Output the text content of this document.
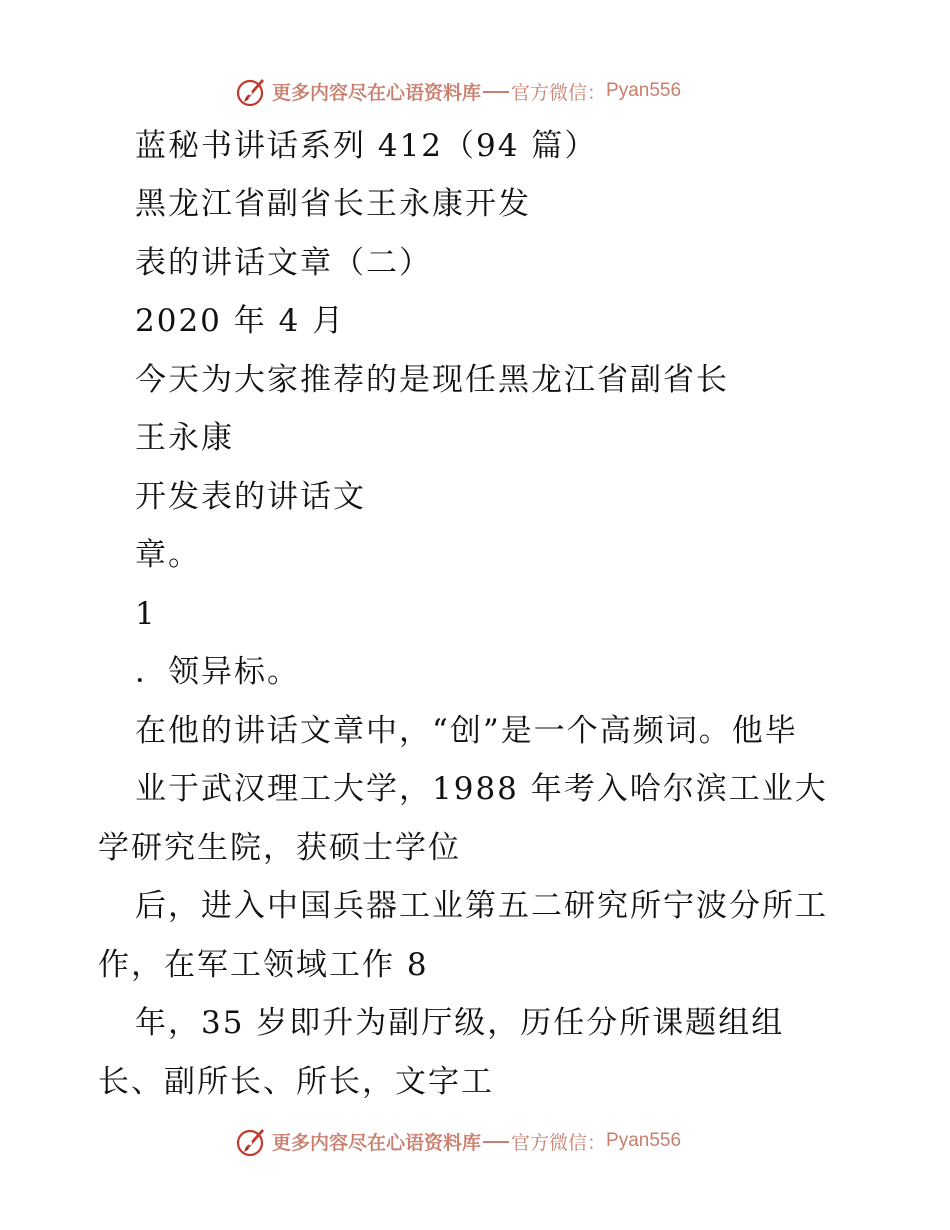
更多内容尽在心语资料库 官方微信： Pyan556
蓝秘书讲话系列 412（94 篇）
黑龙江省副省长王永康开发
表的讲话文章（二）
2020 年 4 月
今天为大家推荐的是现任黑龙江省副省长
王永康
开发表的讲话文
章。
1
．领异标。
在他的讲话文章中，“创”是一个高频词。他毕
业于武汉理工大学，1988 年考入哈尔滨工业大
学研究生院，获硕士学位
后，进入中国兵器工业第五二研究所宁波分所工
作，在军工领域工作 8
年，35 岁即升为副厅级，历任分所课题组组
长、副所长、所长，文字工
更多内容尽在心语资料库 官方微信： Pyan556
